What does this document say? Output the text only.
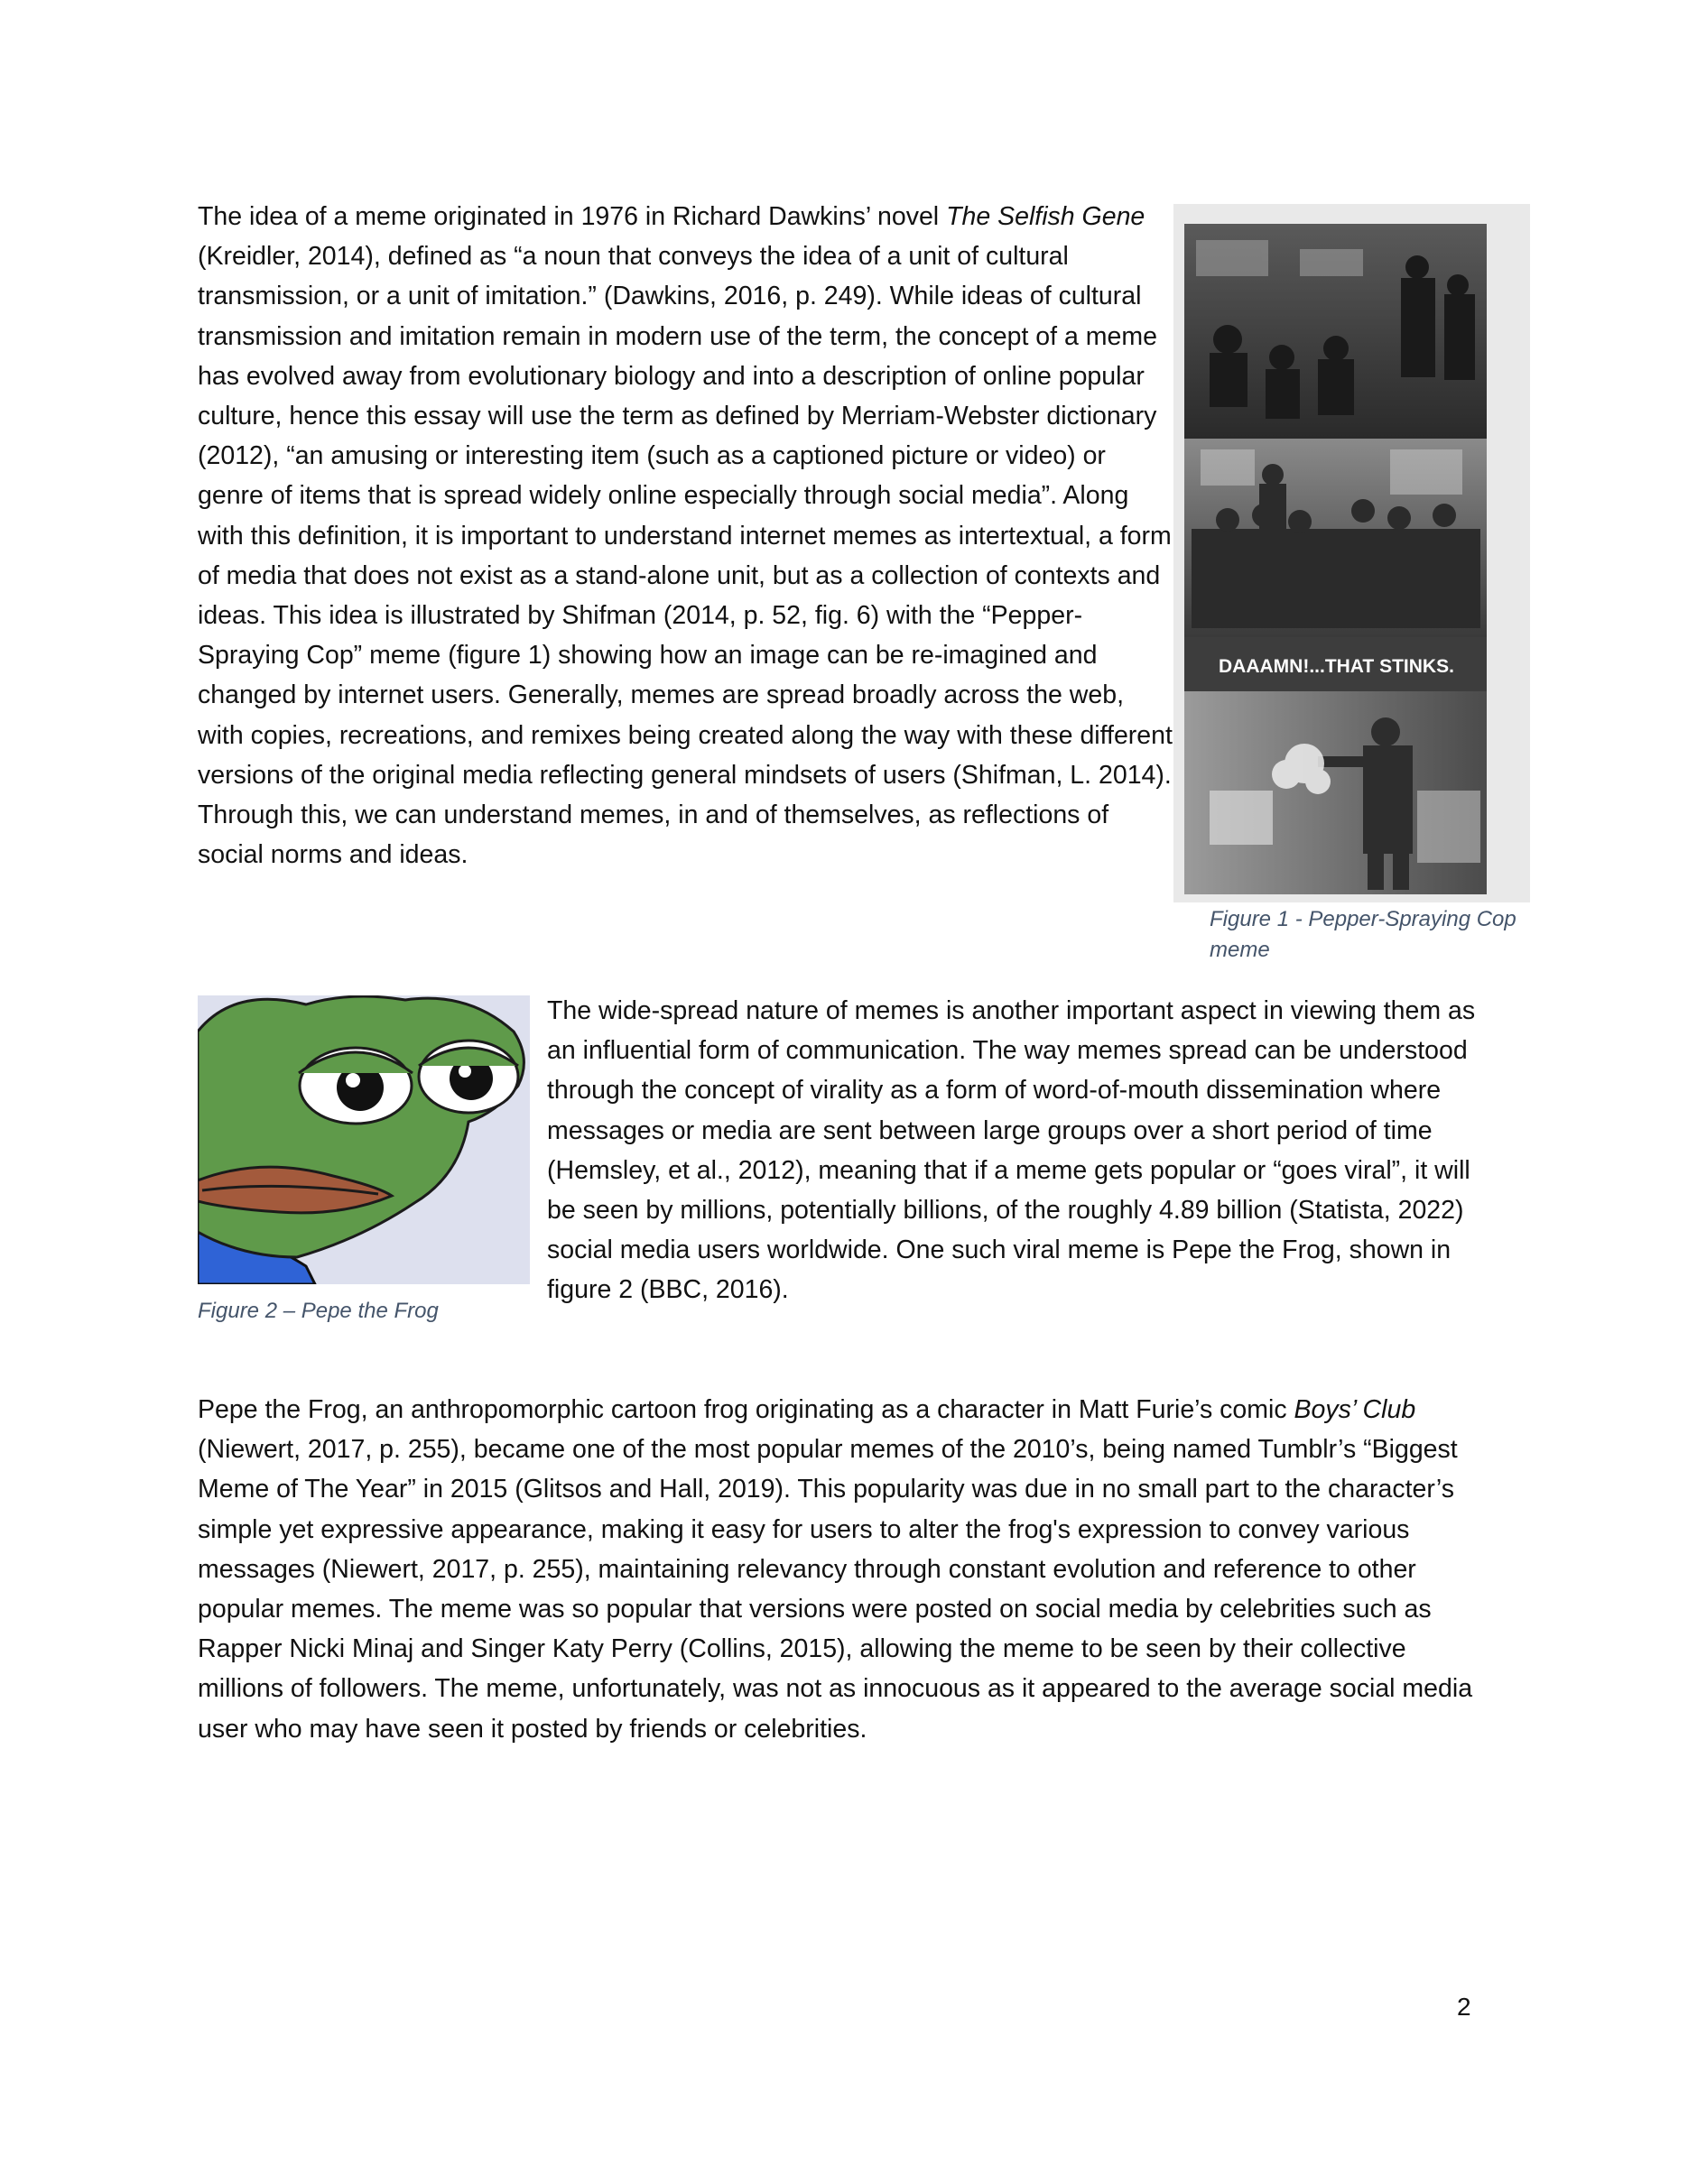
The idea of a meme originated in 1976 in Richard Dawkins’ novel The Selfish Gene (Kreidler, 2014), defined as “a noun that conveys the idea of a unit of cultural transmission, or a unit of imitation.” (Dawkins, 2016, p. 249). While ideas of cultural transmission and imitation remain in modern use of the term, the concept of a meme has evolved away from evolutionary biology and into a description of online popular culture, hence this essay will use the term as defined by Merriam-Webster dictionary (2012), “an amusing or interesting item (such as a captioned picture or video) or genre of items that is spread widely online especially through social media”. Along with this definition, it is important to understand internet memes as intertextual, a form of media that does not exist as a stand-alone unit, but as a collection of contexts and ideas. This idea is illustrated by Shifman (2014, p. 52, fig. 6) with the “Pepper-Spraying Cop” meme (figure 1) showing how an image can be re-imagined and changed by internet users. Generally, memes are spread broadly across the web, with copies, recreations, and remixes being created along the way with these different versions of the original media reflecting general mindsets of users (Shifman, L. 2014). Through this, we can understand memes, in and of themselves, as reflections of social norms and ideas.

DAAAMN!...THAT STINKS.
Figure 1 - Pepper-Spraying Cop meme
Figure 2 – Pepe the Frog

The wide-spread nature of memes is another important aspect in viewing them as an influential form of communication. The way memes spread can be understood through the concept of virality as a form of word-of-mouth dissemination where messages or media are sent between large groups over a short period of time (Hemsley, et al., 2012), meaning that if a meme gets popular or “goes viral”, it will be seen by millions, potentially billions, of the roughly 4.89 billion (Statista, 2022) social media users worldwide. One such viral meme is Pepe the Frog, shown in figure 2 (BBC, 2016).

Pepe the Frog, an anthropomorphic cartoon frog originating as a character in Matt Furie’s comic Boys’ Club (Niewert, 2017, p. 255), became one of the most popular memes of the 2010’s, being named Tumblr’s “Biggest Meme of The Year” in 2015 (Glitsos and Hall, 2019). This popularity was due in no small part to the character’s simple yet expressive appearance, making it easy for users to alter the frog's expression to convey various messages (Niewert, 2017, p. 255), maintaining relevancy through constant evolution and reference to other popular memes. The meme was so popular that versions were posted on social media by celebrities such as Rapper Nicki Minaj and Singer Katy Perry (Collins, 2015), allowing the meme to be seen by their collective millions of followers. The meme, unfortunately, was not as innocuous as it appeared to the average social media user who may have seen it posted by friends or celebrities.

2
